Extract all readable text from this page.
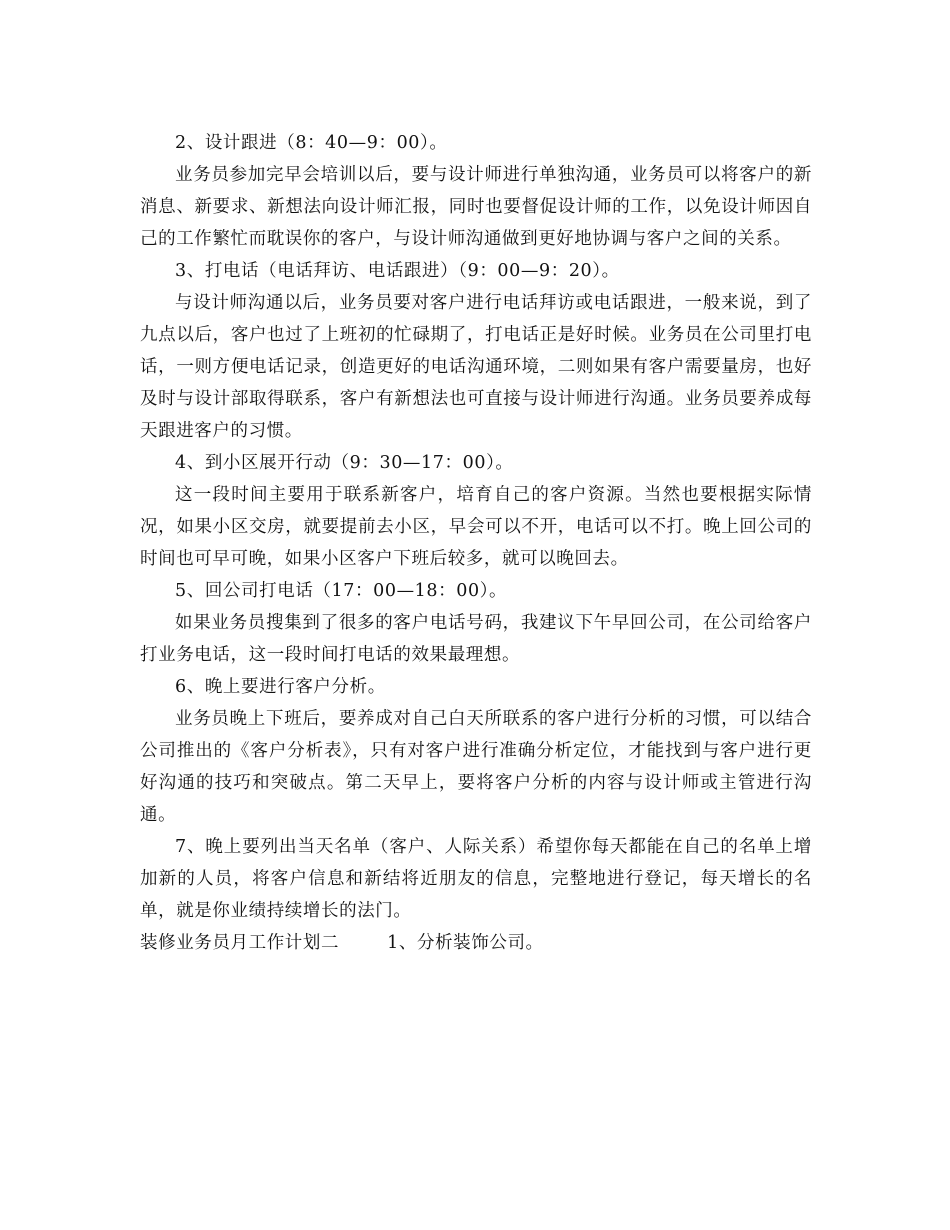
2、设计跟进（8：40—9：00）。

业务员参加完早会培训以后，要与设计师进行单独沟通，业务员可以将客户的新消息、新要求、新想法向设计师汇报，同时也要督促设计师的工作，以免设计师因自己的工作繁忙而耽误你的客户，与设计师沟通做到更好地协调与客户之间的关系。

3、打电话（电话拜访、电话跟进）（9：00—9：20）。

与设计师沟通以后，业务员要对客户进行电话拜访或电话跟进，一般来说，到了九点以后，客户也过了上班初的忙碌期了，打电话正是好时候。业务员在公司里打电话，一则方便电话记录，创造更好的电话沟通环境，二则如果有客户需要量房，也好及时与设计部取得联系，客户有新想法也可直接与设计师进行沟通。业务员要养成每天跟进客户的习惯。

4、到小区展开行动（9：30—17：00）。

这一段时间主要用于联系新客户，培育自己的客户资源。当然也要根据实际情况，如果小区交房，就要提前去小区，早会可以不开，电话可以不打。晚上回公司的时间也可早可晚，如果小区客户下班后较多，就可以晚回去。

5、回公司打电话（17：00—18：00）。

如果业务员搜集到了很多的客户电话号码，我建议下午早回公司，在公司给客户打业务电话，这一段时间打电话的效果最理想。

6、晚上要进行客户分析。

业务员晚上下班后，要养成对自己白天所联系的客户进行分析的习惯，可以结合公司推出的《客户分析表》，只有对客户进行准确分析定位，才能找到与客户进行更好沟通的技巧和突破点。第二天早上，要将客户分析的内容与设计师或主管进行沟通。

7、晚上要列出当天名单（客户、人际关系）希望你每天都能在自己的名单上增加新的人员，将客户信息和新结将近朋友的信息，完整地进行登记，每天增长的名单，就是你业绩持续增长的法门。

装修业务员月工作计划二	1、分析装饰公司。
